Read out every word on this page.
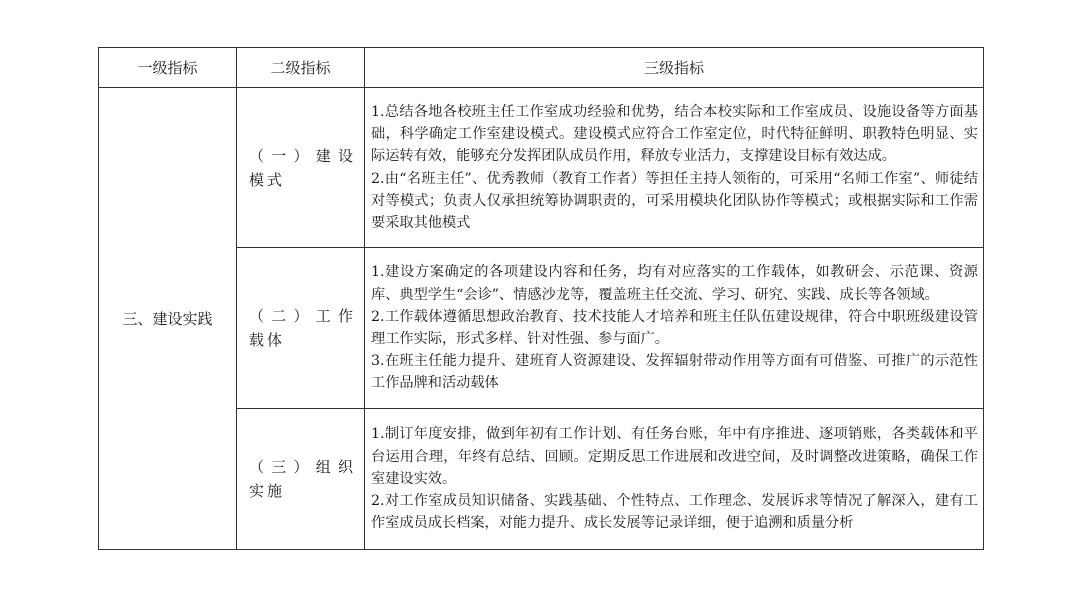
一级指标	二级指标	三级指标
三、建设实践	（一）建设模式	1.总结各地各校班主任工作室成功经验和优势，结合本校实际和工作室成员、设施设备等方面基础，科学确定工作室建设模式。建设模式应符合工作室定位，时代特征鲜明、职教特色明显、实际运转有效，能够充分发挥团队成员作用，释放专业活力，支撑建设目标有效达成。

2.由“名班主任”、优秀教师（教育工作者）等担任主持人领衔的，可采用“名师工作室”、师徒结对等模式；负责人仅承担统筹协调职责的，可采用模块化团队协作等模式；或根据实际和工作需要采取其他模式

	（二）工作载体	1.建设方案确定的各项建设内容和任务，均有对应落实的工作载体，如教研会、示范课、资源库、典型学生“会诊”、情感沙龙等，覆盖班主任交流、学习、研究、实践、成长等各领域。

2.工作载体遵循思想政治教育、技术技能人才培养和班主任队伍建设规律，符合中职班级建设管理工作实际，形式多样、针对性强、参与面广。

3.在班主任能力提升、建班育人资源建设、发挥辐射带动作用等方面有可借鉴、可推广的示范性工作品牌和活动载体

	（三）组织实施	1.制订年度安排，做到年初有工作计划、有任务台账，年中有序推进、逐项销账，各类载体和平台运用合理，年终有总结、回顾。定期反思工作进展和改进空间，及时调整改进策略，确保工作室建设实效。

2.对工作室成员知识储备、实践基础、个性特点、工作理念、发展诉求等情况了解深入，建有工作室成员成长档案，对能力提升、成长发展等记录详细，便于追溯和质量分析
